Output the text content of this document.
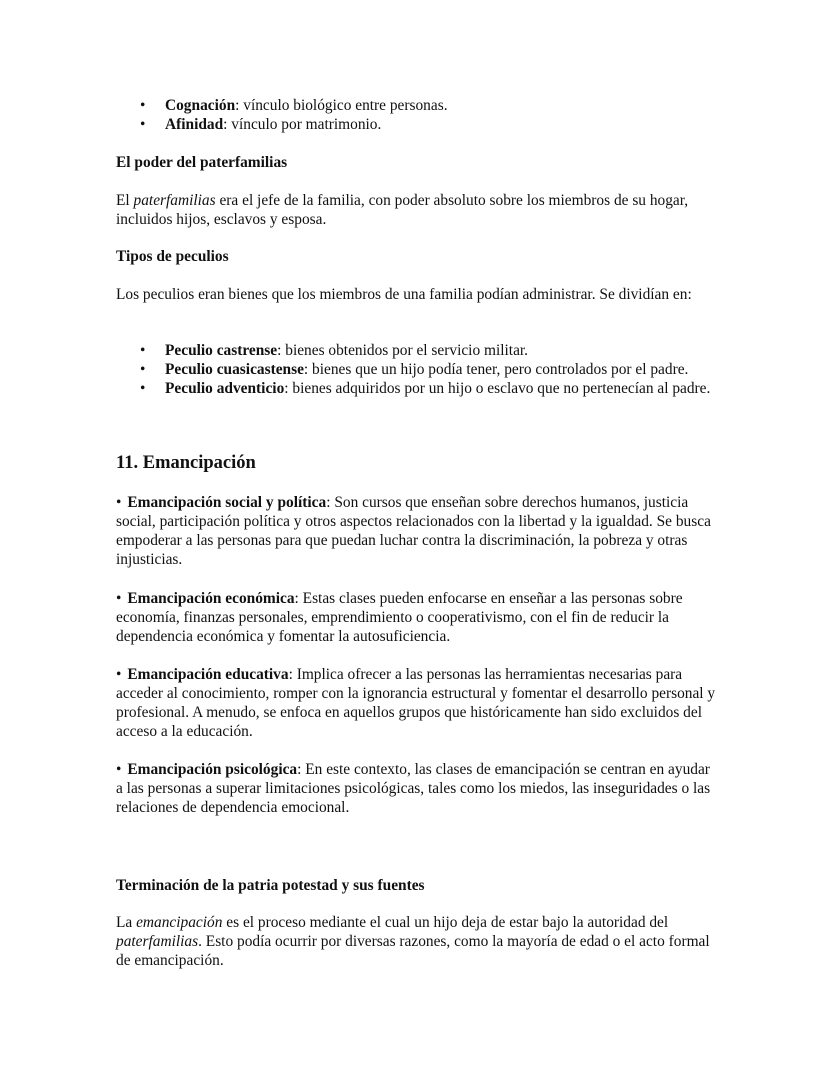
• Cognación: vínculo biológico entre personas.
• Afinidad: vínculo por matrimonio.
El poder del paterfamilias

El paterfamilias era el jefe de la familia, con poder absoluto sobre los miembros de su hogar, incluidos hijos, esclavos y esposa.

Tipos de peculios
Los peculios eran bienes que los miembros de una familia podían administrar. Se dividían en:
• Peculio castrense: bienes obtenidos por el servicio militar.
• Peculio cuasicastense: bienes que un hijo podía tener, pero controlados por el padre.
• Peculio adventicio: bienes adquiridos por un hijo o esclavo que no pertenecían al padre.
11. Emancipación

• Emancipación social y política: Son cursos que enseñan sobre derechos humanos, justicia social, participación política y otros aspectos relacionados con la libertad y la igualdad. Se busca empoderar a las personas para que puedan luchar contra la discriminación, la pobreza y otras injusticias.

• Emancipación económica: Estas clases pueden enfocarse en enseñar a las personas sobre economía, finanzas personales, emprendimiento o cooperativismo, con el fin de reducir la dependencia económica y fomentar la autosuficiencia.

• Emancipación educativa: Implica ofrecer a las personas las herramientas necesarias para acceder al conocimiento, romper con la ignorancia estructural y fomentar el desarrollo personal y profesional. A menudo, se enfoca en aquellos grupos que históricamente han sido excluidos del acceso a la educación.

• Emancipación psicológica: En este contexto, las clases de emancipación se centran en ayudar a las personas a superar limitaciones psicológicas, tales como los miedos, las inseguridades o las relaciones de dependencia emocional.

Terminación de la patria potestad y sus fuentes

La emancipación es el proceso mediante el cual un hijo deja de estar bajo la autoridad del paterfamilias. Esto podía ocurrir por diversas razones, como la mayoría de edad o el acto formal de emancipación.
